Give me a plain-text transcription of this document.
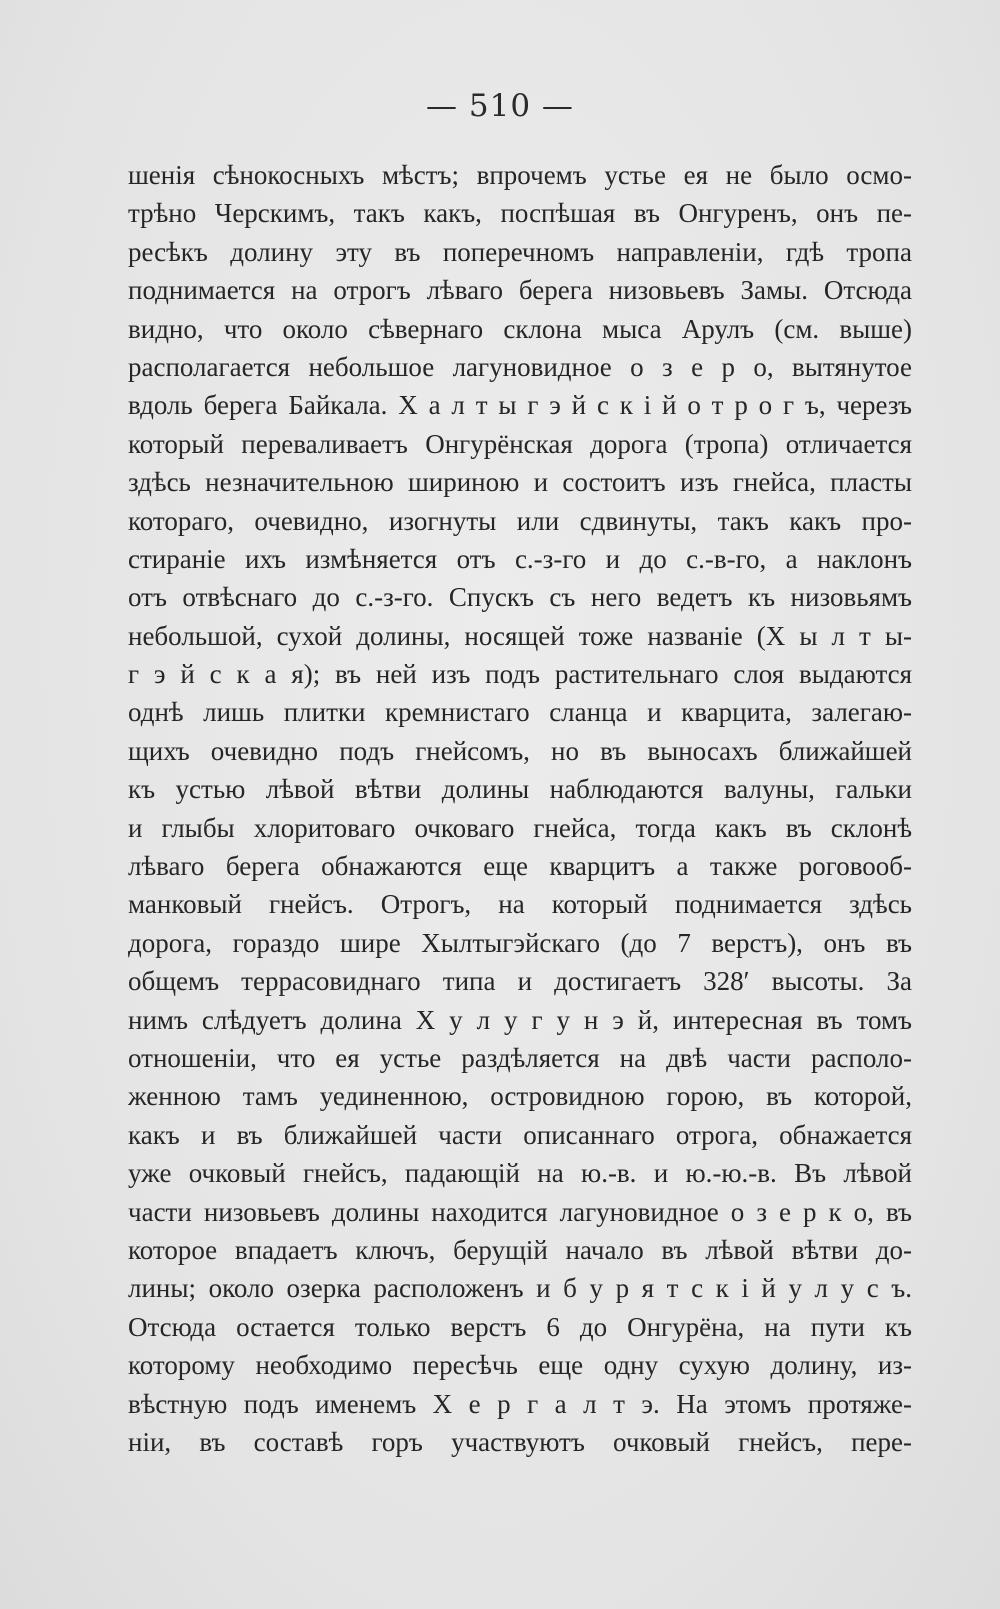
— 510 —
шенія сѣнокосныхъ мѣстъ; впрочемъ устье ея не было осмо-
трѣно Черскимъ, такъ какъ, поспѣшая въ Онгуренъ, онъ пе-
ресѣкъ долину эту въ поперечномъ направленіи, гдѣ тропа
поднимается на отрогъ лѣваго берега низовьевъ Замы. Отсюда
видно, что около сѣвернаго склона мыса Арулъ (см. выше)
располагается небольшое лагуновидное о з е р о, вытянутое
вдоль берега Байкала. Х а л т ы г э й с к і й о т р о г ъ, черезъ
который переваливаетъ Онгурёнская дорога (тропа) отличается
здѣсь незначительною шириною и состоитъ изъ гнейса, пласты
котораго, очевидно, изогнуты или сдвинуты, такъ какъ про-
стираніе ихъ измѣняется отъ с.-з-го и до с.-в-го, а наклонъ
отъ отвѣснаго до с.-з-го. Спускъ съ него ведетъ къ низовьямъ
небольшой, сухой долины, носящей тоже названіе (Х ы л т ы-
г э й с к а я); въ ней изъ подъ растительнаго слоя выдаются
однѣ лишь плитки кремнистаго сланца и кварцита, залегаю-
щихъ очевидно подъ гнейсомъ, но въ выносахъ ближайшей
къ устью лѣвой вѣтви долины наблюдаются валуны, гальки
и глыбы хлоритоваго очковаго гнейса, тогда какъ въ склонѣ
лѣваго берега обнажаются еще кварцитъ а также роговооб-
манковый гнейсъ. Отрогъ, на который поднимается здѣсь
дорога, гораздо шире Хылтыгэйскаго (до 7 верстъ), онъ въ
общемъ террасовиднаго типа и достигаетъ 328′ высоты. За
нимъ слѣдуетъ долина Х у л у г у н э й, интересная въ томъ
отношеніи, что ея устье раздѣляется на двѣ части располо-
женною тамъ уединенною, островидною горою, въ которой,
какъ и въ ближайшей части описаннаго отрога, обнажается
уже очковый гнейсъ, падающій на ю.-в. и ю.-ю.-в. Въ лѣвой
части низовьевъ долины находится лагуновидное о з е р к о, въ
которое впадаетъ ключъ, берущій начало въ лѣвой вѣтви до-
лины; около озерка расположенъ и б у р я т с к і й у л у с ъ.
Отсюда остается только верстъ 6 до Онгурёна, на пути къ
которому необходимо пересѣчь еще одну сухую долину, из-
вѣстную подъ именемъ Х е р г а л т э. На этомъ протяже-
ніи, въ составѣ горъ участвуютъ очковый гнейсъ, пере-
